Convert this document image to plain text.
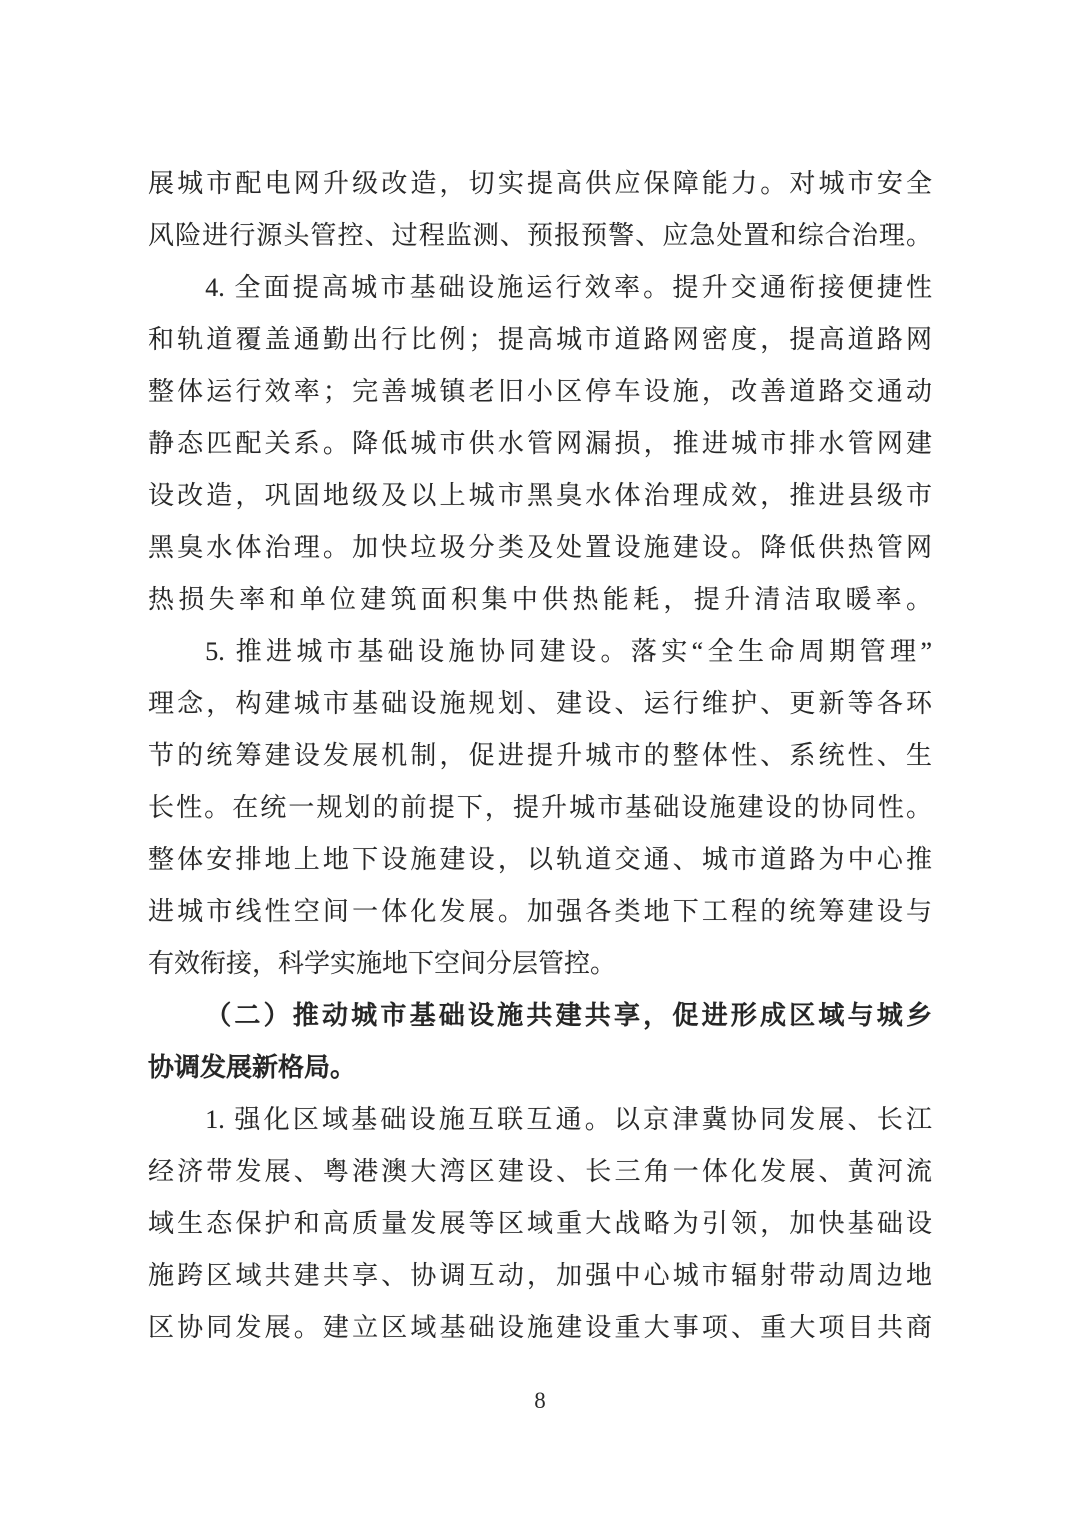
展城市配电网升级改造，切实提高供应保障能力。对城市安全
风险进行源头管控、过程监测、预报预警、应急处置和综合治理。
4. 全面提高城市基础设施运行效率。提升交通衔接便捷性
和轨道覆盖通勤出行比例；提高城市道路网密度，提高道路网
整体运行效率；完善城镇老旧小区停车设施，改善道路交通动
静态匹配关系。降低城市供水管网漏损，推进城市排水管网建
设改造，巩固地级及以上城市黑臭水体治理成效，推进县级市
黑臭水体治理。加快垃圾分类及处置设施建设。降低供热管网
热损失率和单位建筑面积集中供热能耗，提升清洁取暖率。
5. 推进城市基础设施协同建设。落实“全生命周期管理”
理念，构建城市基础设施规划、建设、运行维护、更新等各环
节的统筹建设发展机制，促进提升城市的整体性、系统性、生
长性。在统一规划的前提下，提升城市基础设施建设的协同性。
整体安排地上地下设施建设，以轨道交通、城市道路为中心推
进城市线性空间一体化发展。加强各类地下工程的统筹建设与
有效衔接，科学实施地下空间分层管控。
（二）推动城市基础设施共建共享，促进形成区域与城乡
协调发展新格局。
1. 强化区域基础设施互联互通。以京津冀协同发展、长江
经济带发展、粤港澳大湾区建设、长三角一体化发展、黄河流
域生态保护和高质量发展等区域重大战略为引领，加快基础设
施跨区域共建共享、协调互动，加强中心城市辐射带动周边地
区协同发展。建立区域基础设施建设重大事项、重大项目共商
8
